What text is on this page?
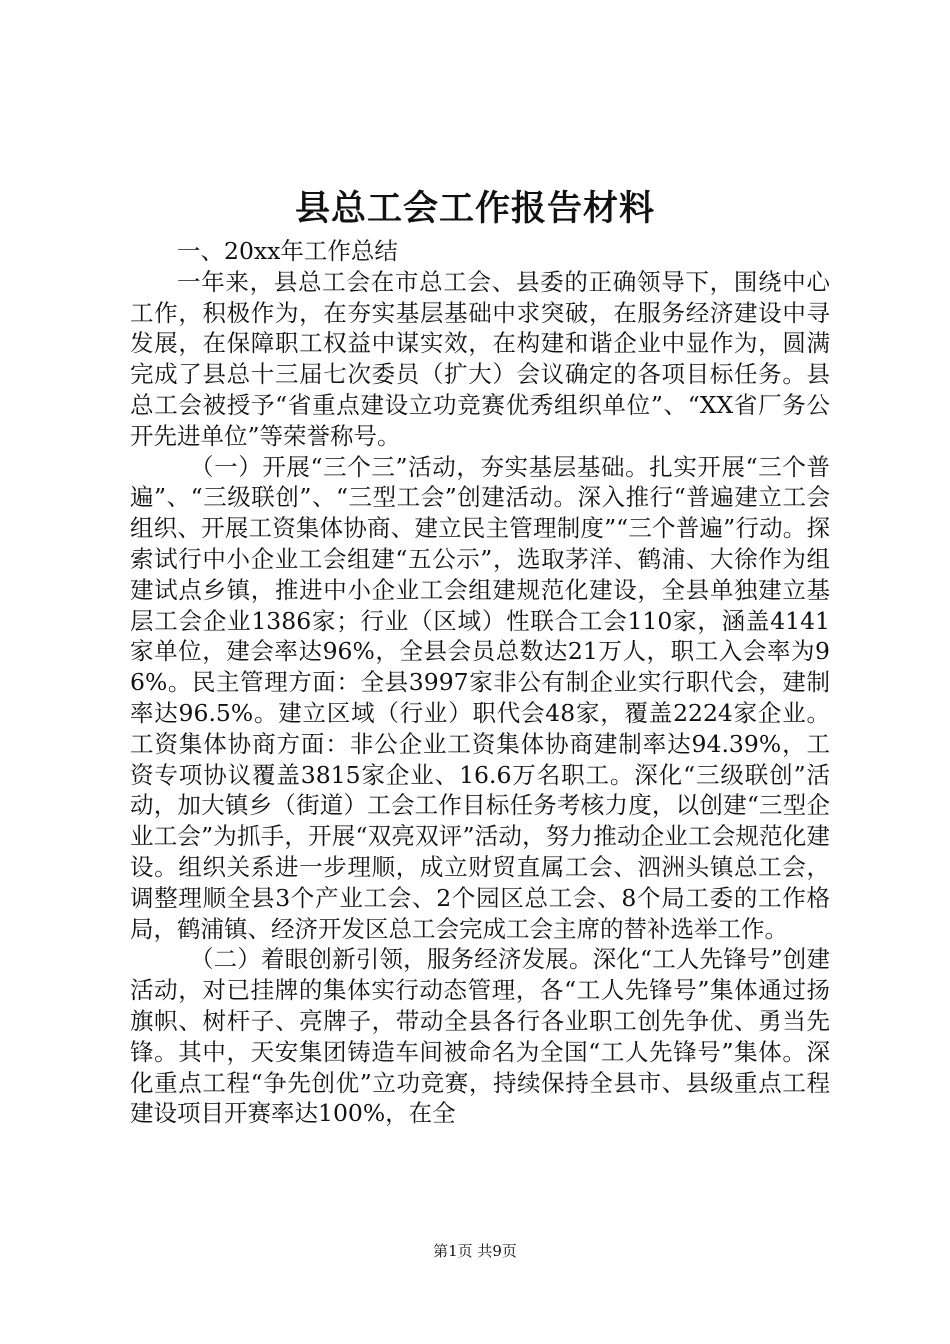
县总工会工作报告材料

一、20xx年工作总结

一年来，县总工会在市总工会、县委的正确领导下，围绕中心工作，积极作为，在夯实基层基础中求突破，在服务经济建设中寻发展，在保障职工权益中谋实效，在构建和谐企业中显作为，圆满完成了县总十三届七次委员（扩大）会议确定的各项目标任务。县总工会被授予“省重点建设立功竞赛优秀组织单位”、“XX省厂务公开先进单位”等荣誉称号。

（一）开展“三个三”活动，夯实基层基础。扎实开展“三个普遍”、“三级联创”、“三型工会”创建活动。深入推行“普遍建立工会组织、开展工资集体协商、建立民主管理制度”“三个普遍”行动。探索试行中小企业工会组建“五公示”，选取茅洋、鹤浦、大徐作为组建试点乡镇，推进中小企业工会组建规范化建设，全县单独建立基层工会企业1386家；行业（区域）性联合工会110家，涵盖4141家单位，建会率达96%，全县会员总数达21万人，职工入会率为96%。民主管理方面：全县3997家非公有制企业实行职代会，建制率达96.5%。建立区域（行业）职代会48家，覆盖2224家企业。工资集体协商方面：非公企业工资集体协商建制率达94.39%，工资专项协议覆盖3815家企业、16.6万名职工。深化“三级联创”活动，加大镇乡（街道）工会工作目标任务考核力度，以创建“三型企业工会”为抓手，开展“双亮双评”活动，努力推动企业工会规范化建设。组织关系进一步理顺，成立财贸直属工会、泗洲头镇总工会，调整理顺全县3个产业工会、2个园区总工会、8个局工委的工作格局，鹤浦镇、经济开发区总工会完成工会主席的替补选举工作。

（二）着眼创新引领，服务经济发展。深化“工人先锋号”创建活动，对已挂牌的集体实行动态管理，各“工人先锋号”集体通过扬旗帜、树杆子、亮牌子，带动全县各行各业职工创先争优、勇当先锋。其中，天安集团铸造车间被命名为全国“工人先锋号”集体。深化重点工程“争先创优”立功竞赛，持续保持全县市、县级重点工程建设项目开赛率达100%，在全

第1页 共9页
